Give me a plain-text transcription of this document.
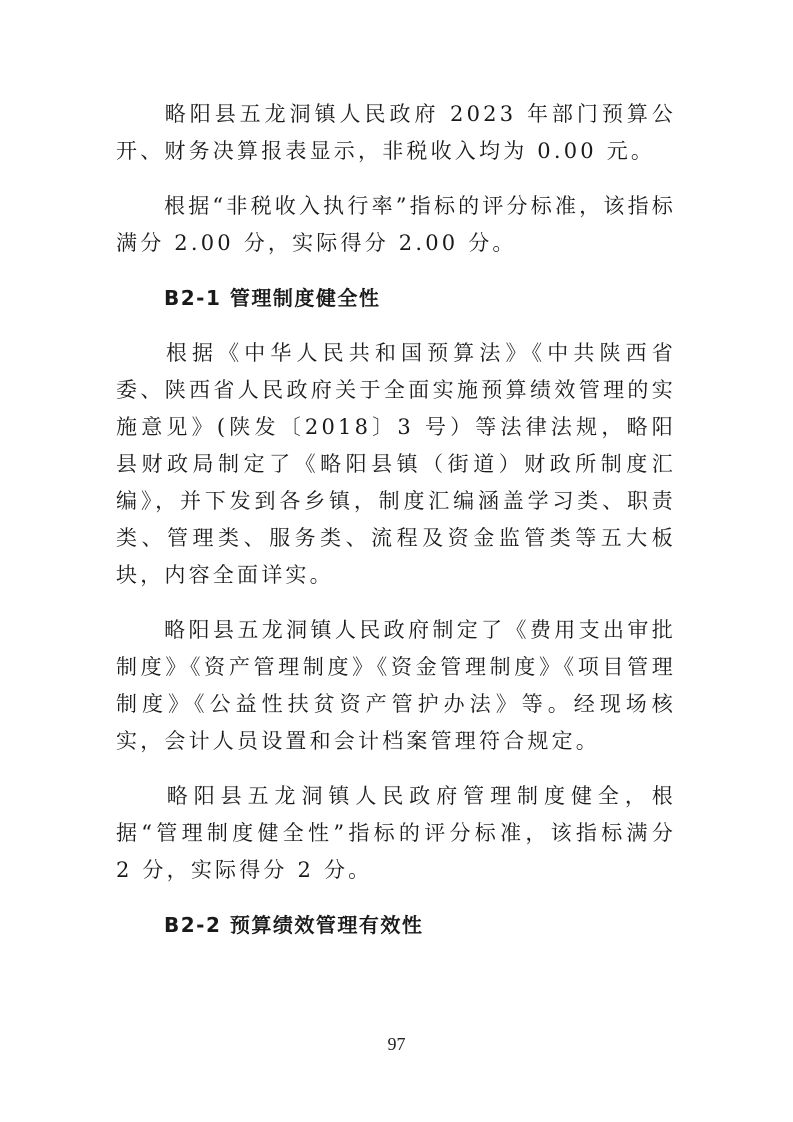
略阳县五龙洞镇人民政府 2023 年部门预算公开、财务决算报表显示，非税收入均为 0.00 元。

根据“非税收入执行率”指标的评分标准，该指标满分 2.00 分，实际得分 2.00 分。

B2-1 管理制度健全性

根据《中华人民共和国预算法》《中共陕西省委、陕西省人民政府关于全面实施预算绩效管理的实施意见》(陕发〔2018〕3 号）等法律法规，略阳县财政局制定了《略阳县镇（街道）财政所制度汇编》，并下发到各乡镇，制度汇编涵盖学习类、职责类、管理类、服务类、流程及资金监管类等五大板块，内容全面详实。

略阳县五龙洞镇人民政府制定了《费用支出审批制度》《资产管理制度》《资金管理制度》《项目管理制度》《公益性扶贫资产管护办法》等。经现场核实，会计人员设置和会计档案管理符合规定。

略阳县五龙洞镇人民政府管理制度健全，根据“管理制度健全性”指标的评分标准，该指标满分 2 分，实际得分 2 分。

B2-2 预算绩效管理有效性
97
